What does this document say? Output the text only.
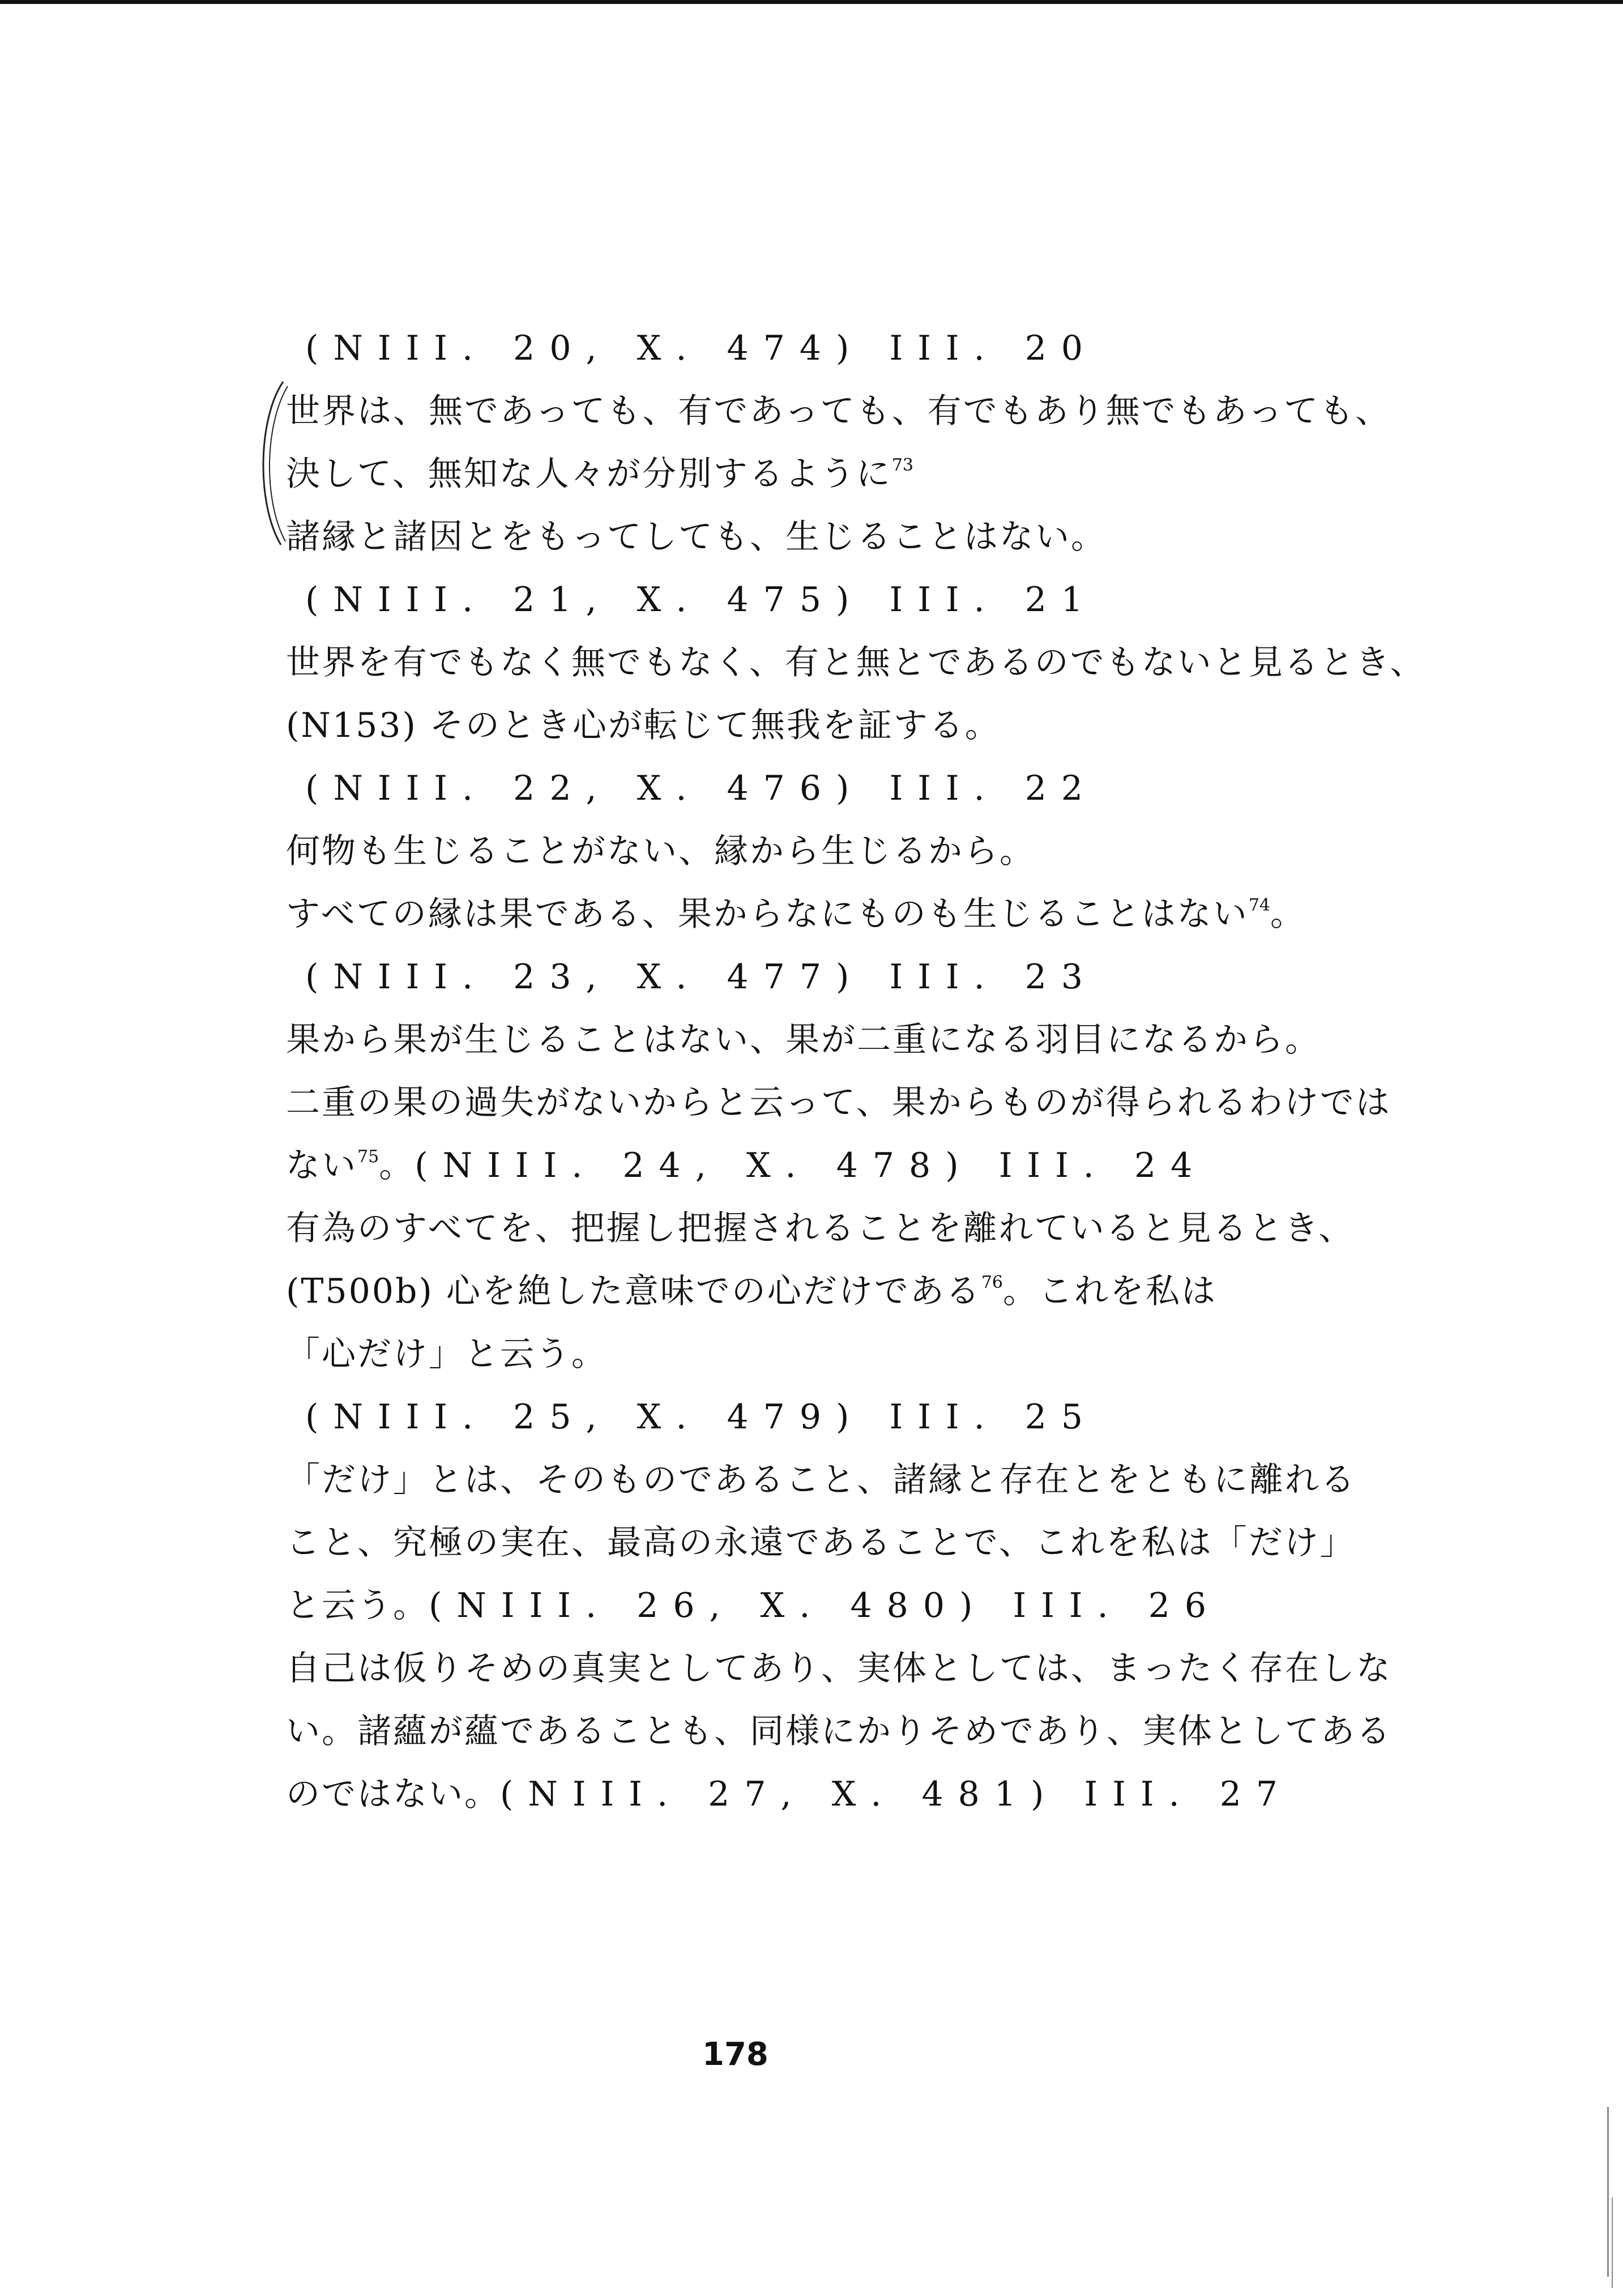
(NIII. 20, X. 474) III. 20
世界は、無であっても、有であっても、有でもあり無でもあっても、
決して、無知な人々が分別するように$^{73}$
諸縁と諸因とをもってしても、生じることはない。
(NIII. 21, X. 475) III. 21
世界を有でもなく無でもなく、有と無とであるのでもないと見るとき、
(N153) そのとき心が転じて無我を証する。
(NIII. 22, X. 476) III. 22
何物も生じることがない、縁から生じるから。
すべての縁は果である、果からなにものも生じることはない$^{74}$。
(NIII. 23, X. 477) III. 23
果から果が生じることはない、果が二重になる羽目になるから。
二重の果の過失がないからと云って、果からものが得られるわけでは
ない$^{75}$。(NIII. 24, X. 478) III. 24
有為のすべてを、把握し把握されることを離れていると見るとき、
(T500b) 心を絶した意味での心だけである$^{76}$。これを私は
「心だけ」と云う。
(NIII. 25, X. 479) III. 25
「だけ」とは、そのものであること、諸縁と存在とをともに離れる
こと、究極の実在、最高の永遠であることで、これを私は「だけ」
と云う。(NIII. 26, X. 480) III. 26
自己は仮りそめの真実としてあり、実体としては、まったく存在しな
い。諸蘊が蘊であることも、同様にかりそめであり、実体としてある
のではない。(NIII. 27, X. 481) III. 27
178
